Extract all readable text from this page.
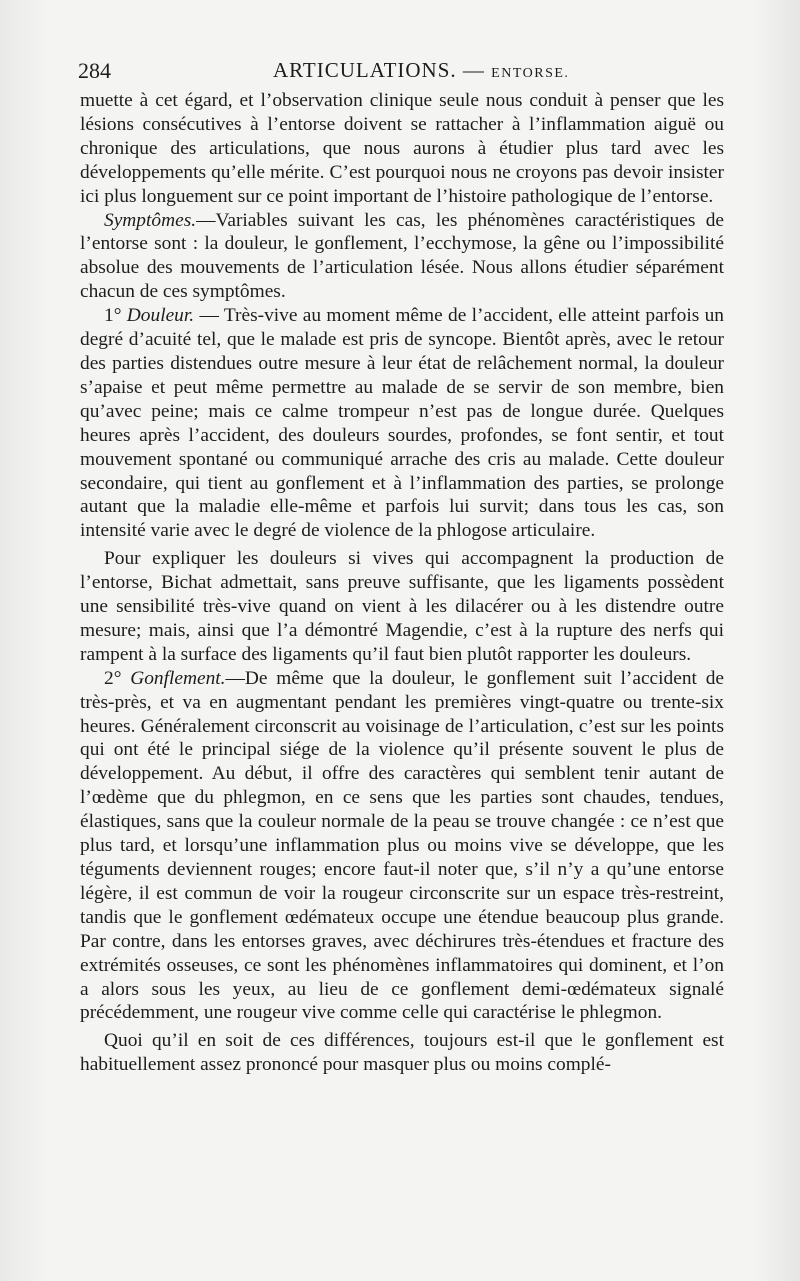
284	ARTICULATIONS. — ENTORSE.

muette à cet égard, et l’observation clinique seule nous conduit à penser que les lésions consécutives à l’entorse doivent se rattacher à l’inflammation aiguë ou chronique des articulations, que nous aurons à étudier plus tard avec les développements qu’elle mérite. C’est pourquoi nous ne croyons pas devoir insister ici plus longuement sur ce point important de l’histoire pathologique de l’entorse.

Symptômes.—Variables suivant les cas, les phénomènes caractéristiques de l’entorse sont : la douleur, le gonflement, l’ecchymose, la gêne ou l’impossibilité absolue des mouvements de l’articulation lésée. Nous allons étudier séparément chacun de ces symptômes.

1° Douleur. — Très-vive au moment même de l’accident, elle atteint parfois un degré d’acuité tel, que le malade est pris de syncope. Bientôt après, avec le retour des parties distendues outre mesure à leur état de relâchement normal, la douleur s’apaise et peut même permettre au malade de se servir de son membre, bien qu’avec peine; mais ce calme trompeur n’est pas de longue durée. Quelques heures après l’accident, des douleurs sourdes, profondes, se font sentir, et tout mouvement spontané ou communiqué arrache des cris au malade. Cette douleur secondaire, qui tient au gonflement et à l’inflammation des parties, se prolonge autant que la maladie elle-même et parfois lui survit; dans tous les cas, son intensité varie avec le degré de violence de la phlogose articulaire.

Pour expliquer les douleurs si vives qui accompagnent la production de l’entorse, Bichat admettait, sans preuve suffisante, que les ligaments possèdent une sensibilité très-vive quand on vient à les dilacérer ou à les distendre outre mesure; mais, ainsi que l’a démontré Magendie, c’est à la rupture des nerfs qui rampent à la surface des ligaments qu’il faut bien plutôt rapporter les douleurs.

2° Gonflement.—De même que la douleur, le gonflement suit l’accident de très-près, et va en augmentant pendant les premières vingt-quatre ou trente-six heures. Généralement circonscrit au voisinage de l’articulation, c’est sur les points qui ont été le principal siége de la violence qu’il présente souvent le plus de développement. Au début, il offre des caractères qui semblent tenir autant de l’œdème que du phlegmon, en ce sens que les parties sont chaudes, tendues, élastiques, sans que la couleur normale de la peau se trouve changée : ce n’est que plus tard, et lorsqu’une inflammation plus ou moins vive se développe, que les téguments deviennent rouges; encore faut-il noter que, s’il n’y a qu’une entorse légère, il est commun de voir la rougeur circonscrite sur un espace très-restreint, tandis que le gonflement œdémateux occupe une étendue beaucoup plus grande. Par contre, dans les entorses graves, avec déchirures très-étendues et fracture des extrémités osseuses, ce sont les phénomènes inflammatoires qui dominent, et l’on a alors sous les yeux, au lieu de ce gonflement demi-œdémateux signalé précédemment, une rougeur vive comme celle qui caractérise le phlegmon.

Quoi qu’il en soit de ces différences, toujours est-il que le gonflement est habituellement assez prononcé pour masquer plus ou moins complé-
